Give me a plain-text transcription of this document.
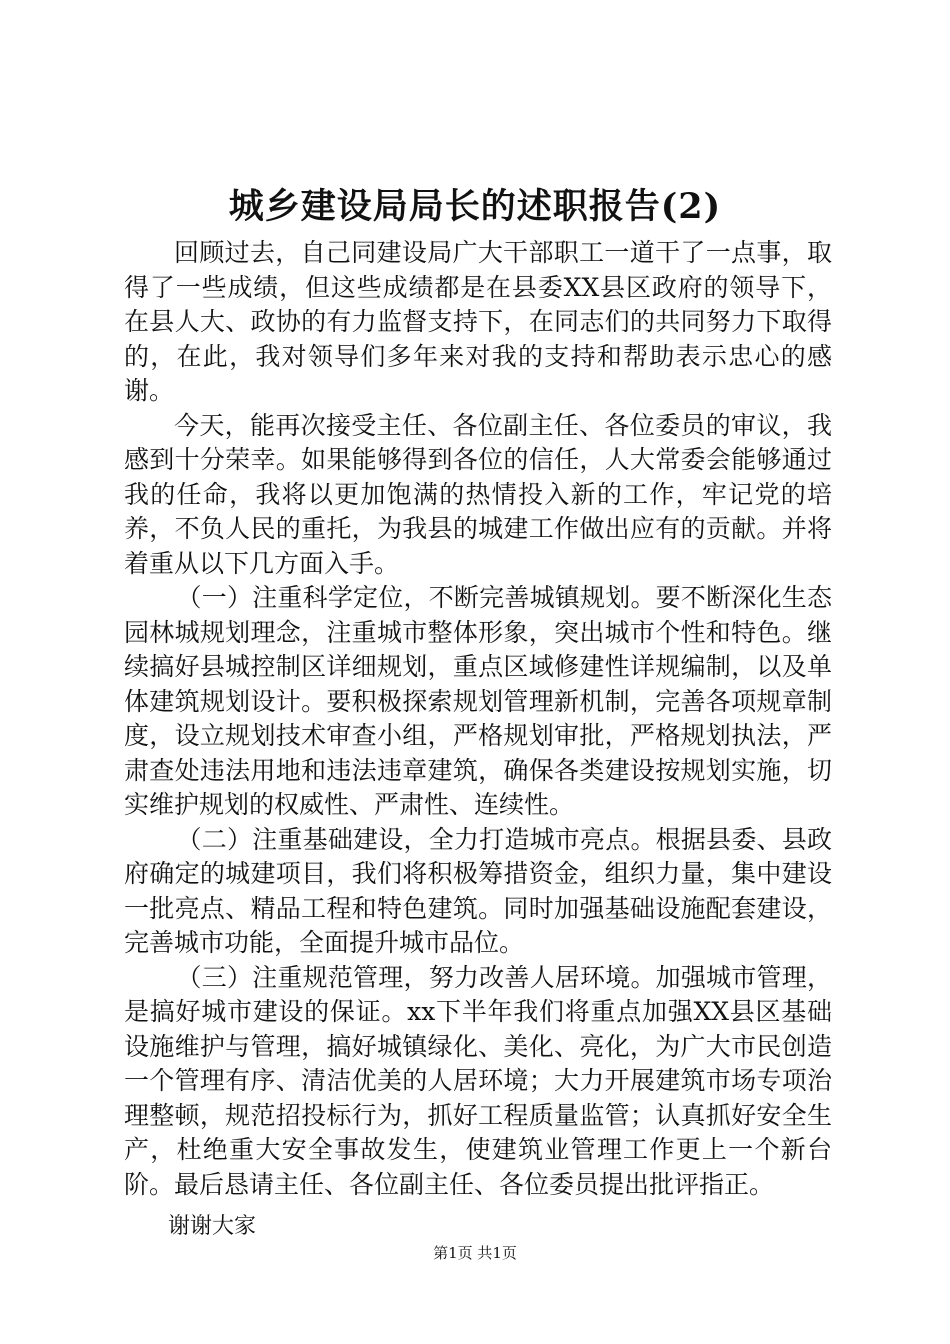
城乡建设局局长的述职报告(2)

回顾过去，自己同建设局广大干部职工一道干了一点事，取得了一些成绩，但这些成绩都是在县委XX县区政府的领导下，在县人大、政协的有力监督支持下，在同志们的共同努力下取得的，在此，我对领导们多年来对我的支持和帮助表示忠心的感谢。

今天，能再次接受主任、各位副主任、各位委员的审议，我感到十分荣幸。如果能够得到各位的信任，人大常委会能够通过我的任命，我将以更加饱满的热情投入新的工作，牢记党的培养，不负人民的重托，为我县的城建工作做出应有的贡献。并将着重从以下几方面入手。

（一）注重科学定位，不断完善城镇规划。要不断深化生态园林城规划理念，注重城市整体形象，突出城市个性和特色。继续搞好县城控制区详细规划，重点区域修建性详规编制，以及单体建筑规划设计。要积极探索规划管理新机制，完善各项规章制度，设立规划技术审查小组，严格规划审批，严格规划执法，严肃查处违法用地和违法违章建筑，确保各类建设按规划实施，切实维护规划的权威性、严肃性、连续性。

（二）注重基础建设，全力打造城市亮点。根据县委、县政府确定的城建项目，我们将积极筹措资金，组织力量，集中建设一批亮点、精品工程和特色建筑。同时加强基础设施配套建设，完善城市功能，全面提升城市品位。

（三）注重规范管理，努力改善人居环境。加强城市管理，是搞好城市建设的保证。xx下半年我们将重点加强XX县区基础设施维护与管理，搞好城镇绿化、美化、亮化，为广大市民创造一个管理有序、清洁优美的人居环境；大力开展建筑市场专项治理整顿，规范招投标行为，抓好工程质量监管；认真抓好安全生产，杜绝重大安全事故发生，使建筑业管理工作更上一个新台阶。最后恳请主任、各位副主任、各位委员提出批评指正。

谢谢大家

第1页 共1页
